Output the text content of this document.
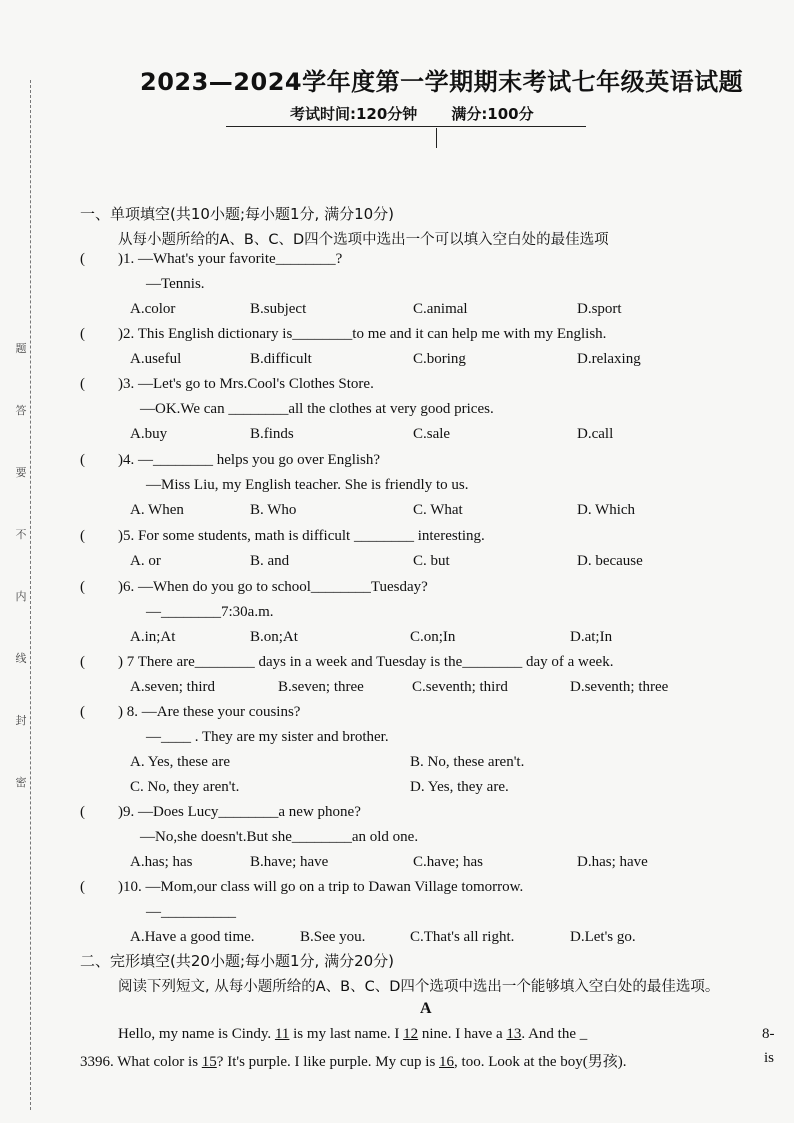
题
答
要
不
内
线
封
密
2023—2024学年度第一学期期末考试七年级英语试题
考试时间:120分钟 满分:100分
一、单项填空(共10小题;每小题1分, 满分10分)
从每小题所给的A、B、C、D四个选项中选出一个可以填入空白处的最佳选项
( )1. —What's your favorite________?
—Tennis.
A.color	B.subject	C.animal	D.sport
( )2. This English dictionary is________to me and it can help me with my English.
A.useful	B.difficult	C.boring	D.relaxing
( )3. —Let's go to Mrs.Cool's Clothes Store.
—OK.We can ________all the clothes at very good prices.
A.buy	B.finds	C.sale	D.call
( )4. —________ helps you go over English?
—Miss Liu, my English teacher. She is friendly to us.
A. When	B. Who	C. What	D. Which
( )5. For some students, math is difficult ________ interesting.
A. or	B. and	C. but	D. because
( )6. —When do you go to school________Tuesday?
—________7:30a.m.
A.in;At	B.on;At	C.on;In	D.at;In
( ) 7 There are________ days in a week and Tuesday is the________ day of a week.
A.seven; third	B.seven; three	C.seventh; third	D.seventh; three
( ) 8. —Are these your cousins?
—____ . They are my sister and brother.
A. Yes, these are	B. No, these aren't.
C. No, they aren't.	D. Yes, they are.
( )9. —Does Lucy________a new phone?
—No,she doesn't.But she________an old one.
A.has; has	B.have; have	C.have; has	D.has; have
( )10. —Mom,our class will go on a trip to Dawan Village tomorrow.
—__________
A.Have a good time.	B.See you.	C.That's all right.	D.Let's go.
二、完形填空(共20小题;每小题1分, 满分20分)
阅读下列短文, 从每小题所给的A、B、C、D四个选项中选出一个能够填入空白处的最佳选项。
A
Hello, my name is Cindy. 11 is my last name. I 12 nine. I have a 13. And the _	8-
3396. What color is 15? It's purple. I like purple. My cup is 16, too. Look at the boy(男孩).	is
